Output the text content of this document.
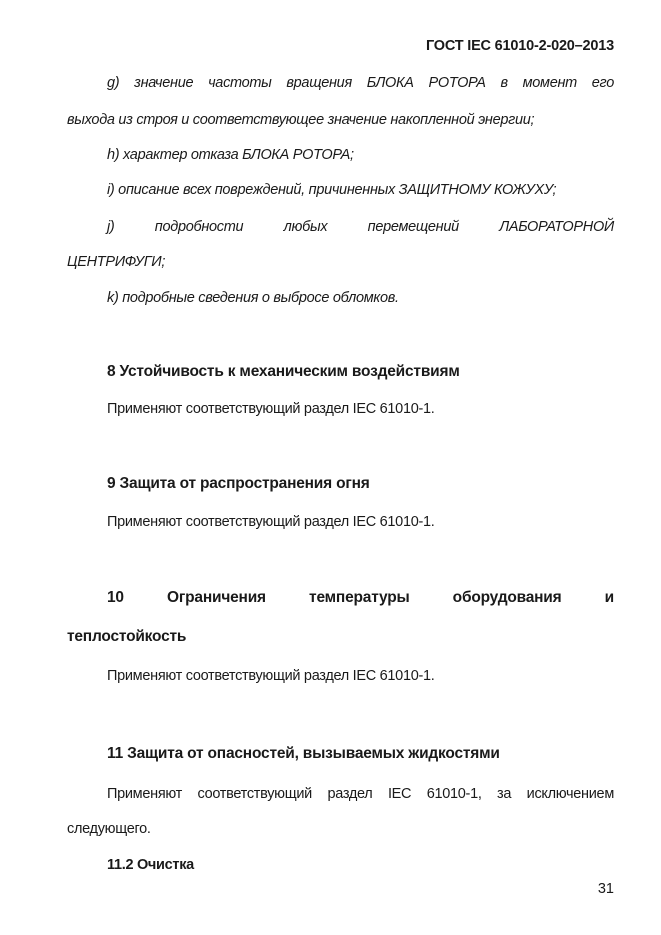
ГОСТ IEC 61010-2-020–2013
g) значение частоты вращения БЛОКА РОТОРА в момент его
выхода из строя и соответствующее значение накопленной энергии;
h) характер отказа БЛОКА РОТОРА;
i) описание всех повреждений, причиненных ЗАЩИТНОМУ КОЖУХУ;
j) подробности любых перемещений ЛАБОРАТОРНОЙ
ЦЕНТРИФУГИ;
k) подробные сведения о выбросе обломков.
8 Устойчивость к механическим воздействиям
Применяют соответствующий раздел IEC 61010-1.
9 Защита от распространения огня
Применяют соответствующий раздел IEC 61010-1.
10 Ограничения температуры оборудования и
теплостойкость
Применяют соответствующий раздел IEC 61010-1.
11 Защита от опасностей, вызываемых жидкостями
Применяют соответствующий раздел IEC 61010-1, за исключением
следующего.
11.2 Очистка
31
